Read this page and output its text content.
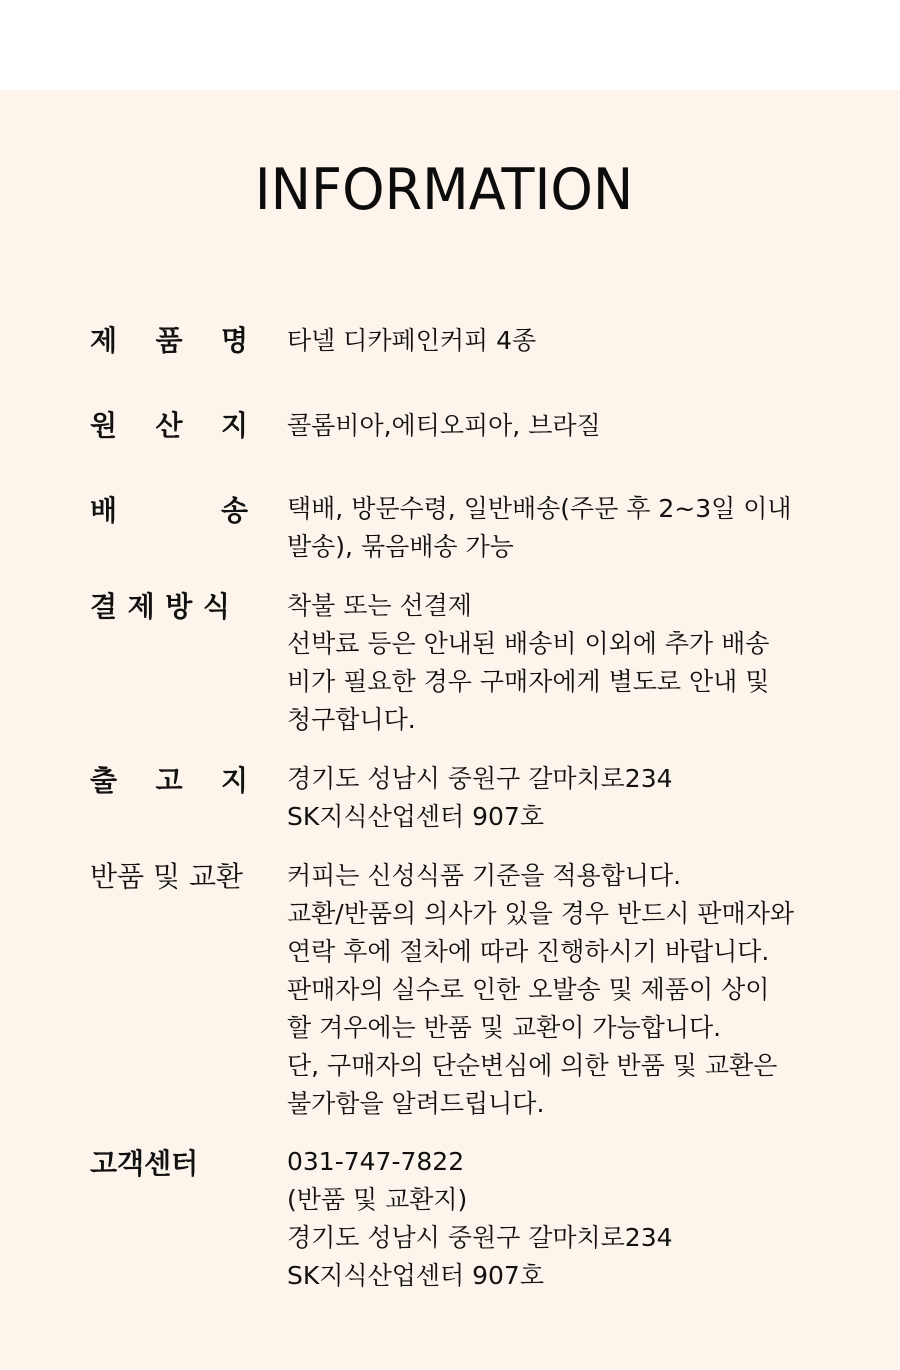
INFORMATION
제 품 명 타넬 디카페인커피 4종
원 산 지 콜롬비아,에티오피아, 브라질
배	송 택배, 방문수령, 일반배송(주문 후 2~3일 이내
발송), 묶음배송 가능
결 제 방 식 착불 또는 선결제
선박료 등은 안내된 배송비 이외에 추가 배송
비가 필요한 경우 구매자에게 별도로 안내 및
청구합니다.
출 고 지 경기도 성남시 중원구 갈마치로234
SK지식산업센터 907호
반품 및 교환 커피는 신성식품 기준을 적용합니다.
교환/반품의 의사가 있을 경우 반드시 판매자와
연락 후에 절차에 따라 진행하시기 바랍니다.
판매자의 실수로 인한 오발송 및 제품이 상이
할 겨우에는 반품 및 교환이 가능합니다.
단, 구매자의 단순변심에 의한 반품 및 교환은
불가함을 알려드립니다.
고객센터	031-747-7822
(반품 및 교환지)
경기도 성남시 중원구 갈마치로234
SK지식산업센터 907호
